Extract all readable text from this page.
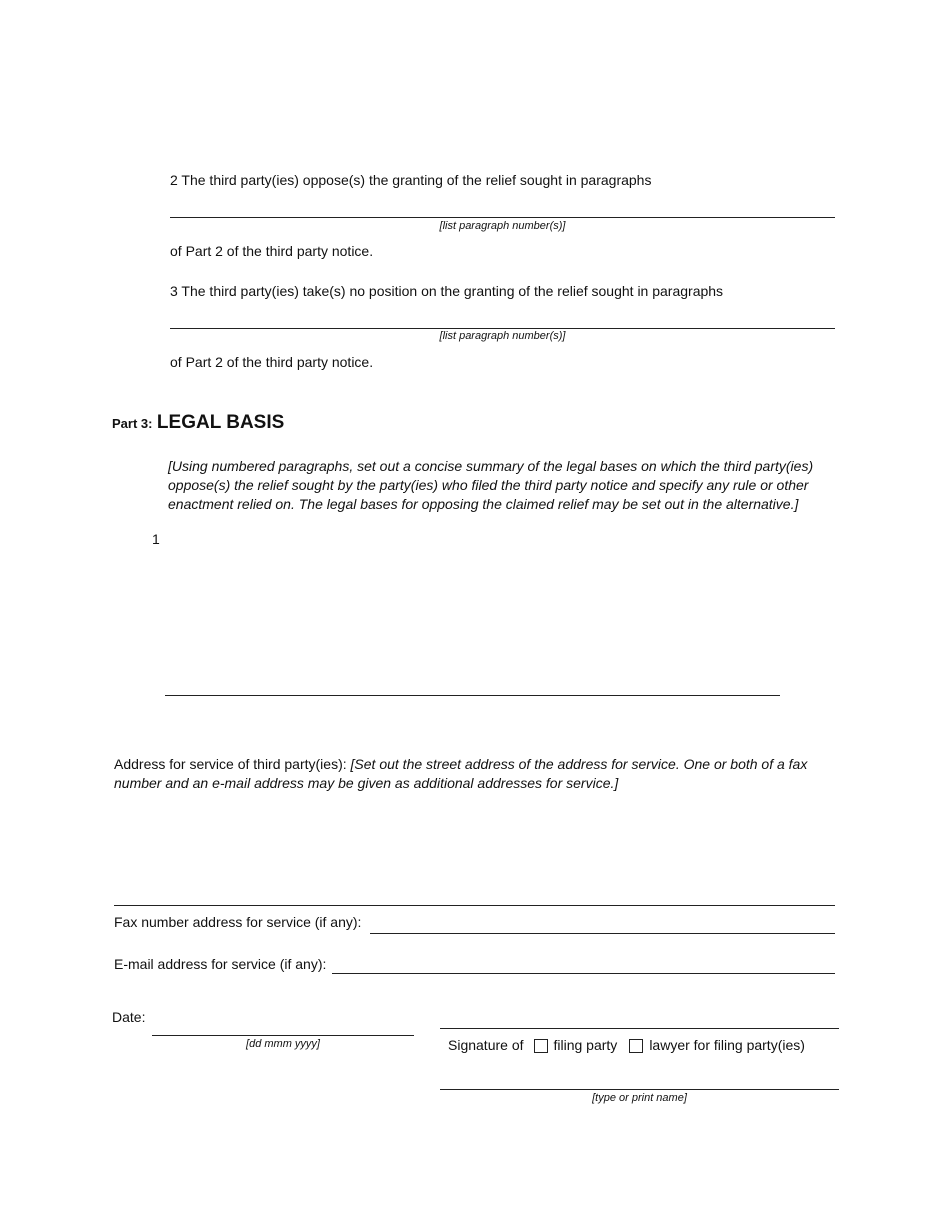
2 The third party(ies) oppose(s) the granting of the relief sought in paragraphs
[list paragraph number(s)]
of Part 2 of the third party notice.
3 The third party(ies) take(s) no position on the granting of the relief sought in paragraphs
[list paragraph number(s)]
of Part 2 of the third party notice.
Part 3: LEGAL BASIS
[Using numbered paragraphs, set out a concise summary of the legal bases on which the third party(ies) oppose(s) the relief sought by the party(ies) who filed the third party notice and specify any rule or other enactment relied on. The legal bases for opposing the claimed relief may be set out in the alternative.]
1
Address for service of third party(ies): [Set out the street address of the address for service. One or both of a fax number and an e-mail address may be given as additional addresses for service.]
Fax number address for service (if any):
E-mail address for service (if any):
Date:
[dd mmm yyyy]	Signature of filing party lawyer for filing party(ies)
[type or print name]
